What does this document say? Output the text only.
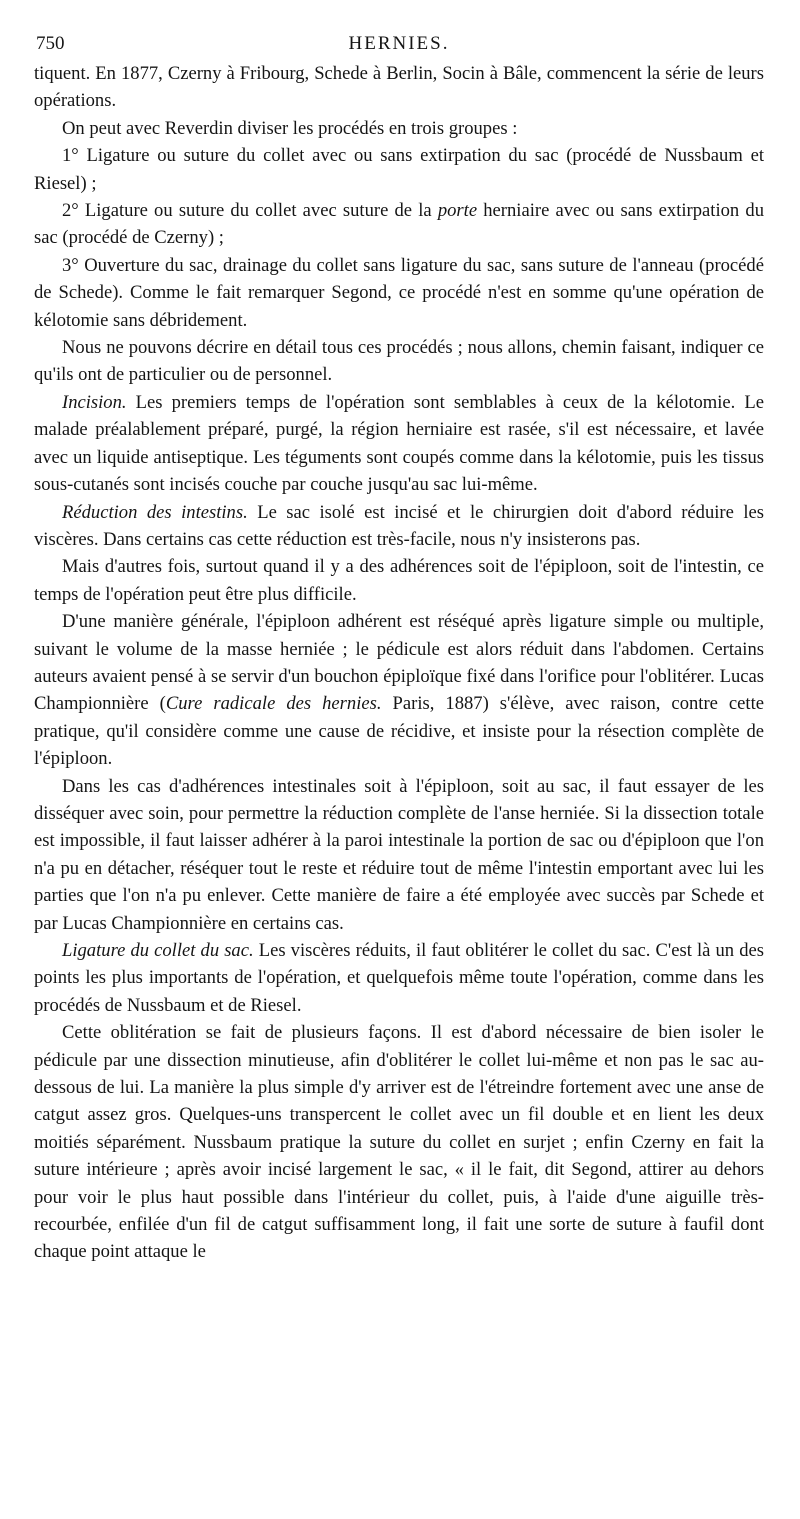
750	HERNIES.

tiquent. En 1877, Czerny à Fribourg, Schede à Berlin, Socin à Bâle, commencent la série de leurs opérations.

On peut avec Reverdin diviser les procédés en trois groupes :

1° Ligature ou suture du collet avec ou sans extirpation du sac (procédé de Nussbaum et Riesel) ;

2° Ligature ou suture du collet avec suture de la porte herniaire avec ou sans extirpation du sac (procédé de Czerny) ;

3° Ouverture du sac, drainage du collet sans ligature du sac, sans suture de l'anneau (procédé de Schede). Comme le fait remarquer Segond, ce procédé n'est en somme qu'une opération de kélotomie sans débridement.

Nous ne pouvons décrire en détail tous ces procédés ; nous allons, chemin faisant, indiquer ce qu'ils ont de particulier ou de personnel.

Incision. Les premiers temps de l'opération sont semblables à ceux de la kélotomie. Le malade préalablement préparé, purgé, la région herniaire est rasée, s'il est nécessaire, et lavée avec un liquide antiseptique. Les téguments sont coupés comme dans la kélotomie, puis les tissus sous-cutanés sont incisés couche par couche jusqu'au sac lui-même.

Réduction des intestins. Le sac isolé est incisé et le chirurgien doit d'abord réduire les viscères. Dans certains cas cette réduction est très-facile, nous n'y insisterons pas.

Mais d'autres fois, surtout quand il y a des adhérences soit de l'épiploon, soit de l'intestin, ce temps de l'opération peut être plus difficile.

D'une manière générale, l'épiploon adhérent est réséqué après ligature simple ou multiple, suivant le volume de la masse herniée ; le pédicule est alors réduit dans l'abdomen. Certains auteurs avaient pensé à se servir d'un bouchon épiploïque fixé dans l'orifice pour l'oblitérer. Lucas Championnière (Cure radicale des hernies. Paris, 1887) s'élève, avec raison, contre cette pratique, qu'il considère comme une cause de récidive, et insiste pour la résection complète de l'épiploon.

Dans les cas d'adhérences intestinales soit à l'épiploon, soit au sac, il faut essayer de les disséquer avec soin, pour permettre la réduction complète de l'anse herniée. Si la dissection totale est impossible, il faut laisser adhérer à la paroi intestinale la portion de sac ou d'épiploon que l'on n'a pu en détacher, réséquer tout le reste et réduire tout de même l'intestin emportant avec lui les parties que l'on n'a pu enlever. Cette manière de faire a été employée avec succès par Schede et par Lucas Championnière en certains cas.

Ligature du collet du sac. Les viscères réduits, il faut oblitérer le collet du sac. C'est là un des points les plus importants de l'opération, et quelquefois même toute l'opération, comme dans les procédés de Nussbaum et de Riesel.

Cette oblitération se fait de plusieurs façons. Il est d'abord nécessaire de bien isoler le pédicule par une dissection minutieuse, afin d'oblitérer le collet lui-même et non pas le sac au-dessous de lui. La manière la plus simple d'y arriver est de l'étreindre fortement avec une anse de catgut assez gros. Quelques-uns transpercent le collet avec un fil double et en lient les deux moitiés séparément. Nussbaum pratique la suture du collet en surjet ; enfin Czerny en fait la suture intérieure ; après avoir incisé largement le sac, « il le fait, dit Segond, attirer au dehors pour voir le plus haut possible dans l'intérieur du collet, puis, à l'aide d'une aiguille très-recourbée, enfilée d'un fil de catgut suffisamment long, il fait une sorte de suture à faufil dont chaque point attaque le
